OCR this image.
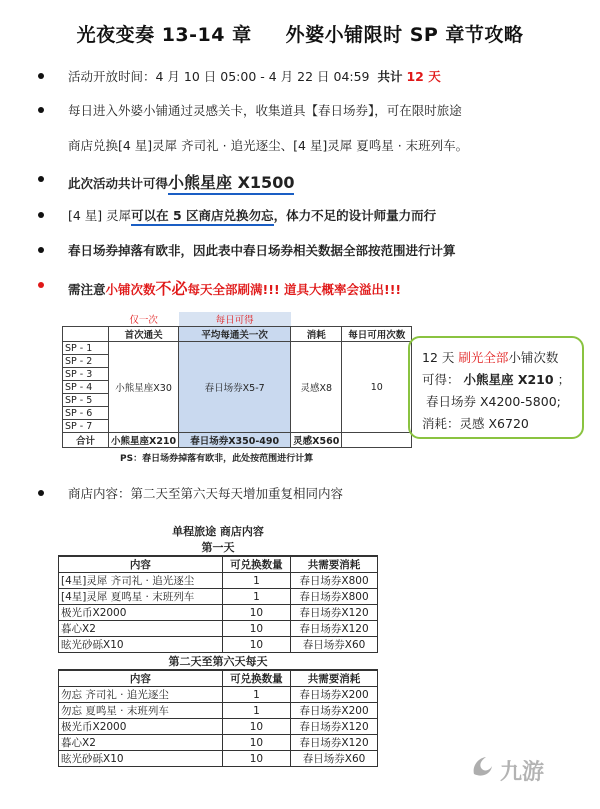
光夜变奏 13-14 章 外婆小铺限时 SP 章节攻略
活动开放时间：4 月 10 日 05:00 - 4 月 22 日 04:59 共计 12 天
每日进入外婆小铺通过灵感关卡，收集道具【春日场券】，可在限时旅途
商店兑换[4 星]灵犀 齐司礼 · 追光逐尘、[4 星]灵犀 夏鸣星 · 末班列车。
此次活动共计可得小熊星座 X1500
[4 星] 灵犀可以在 5 区商店兑换勿忘，体力不足的设计师量力而行
春日场券掉落有欧非，因此表中春日场券相关数据全部按范围进行计算
需注意小铺次数不必每天全部刷满!!! 道具大概率会溢出!!!
	仅一次	每日可得		
	首次通关	平均每通关一次	消耗	每日可用次数
SP - 1	小熊星座X30	春日场券X5-7	灵感X8	10
SP - 2				
SP - 3				
SP - 4				
SP - 5				
SP - 6				
SP - 7				
合计	小熊星座X210	春日场券X350-490	灵感X560	
PS：春日场券掉落有欧非，此处按范围进行计算
12 天 刷光全部小铺次数
可得： 小熊星座 X210 ；
春日场券 X4200-5800;
消耗：灵感 X6720
商店内容：第二天至第六天每天增加重复相同内容
单程旅途 商店内容		
第一天		
内容	可兑换数量	共需要消耗
[4星]灵犀 齐司礼 · 追光逐尘	1	春日场券X800
[4星]灵犀 夏鸣星 · 末班列车	1	春日场券X800
极光币X2000	10	春日场券X120
暮心X2	10	春日场券X120
眩光砂砾X10	10	春日场券X60
第二天至第六天每天		
内容	可兑换数量	共需要消耗
勿忘 齐司礼 · 追光逐尘	1	春日场券X200
勿忘 夏鸣星 · 末班列车	1	春日场券X200
极光币X2000	10	春日场券X120
暮心X2	10	春日场券X120
眩光砂砾X10	10	春日场券X60
九游
